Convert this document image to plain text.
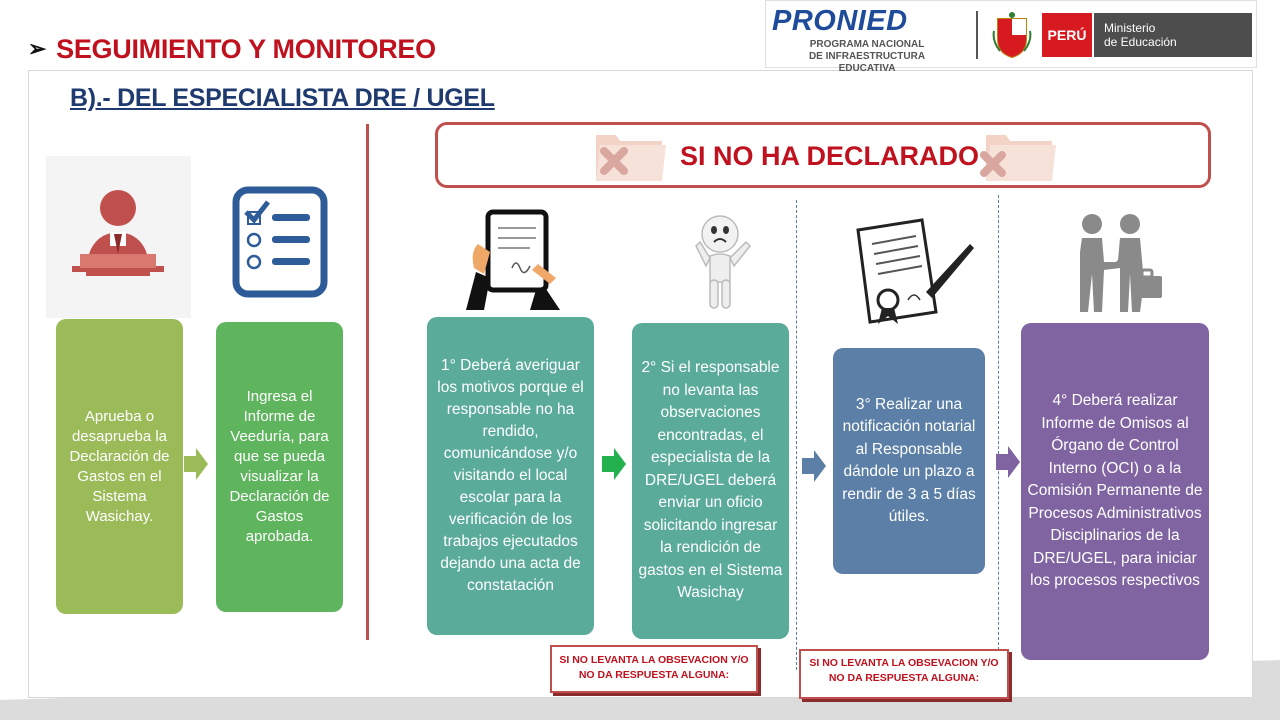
➢ SEGUIMIENTO Y MONITOREO
B).- DEL ESPECIALISTA DRE / UGEL
PRONIED
PROGRAMA NACIONAL
DE INFRAESTRUCTURA EDUCATIVA
PERÚ	Ministerio
de Educación
SI NO HA DECLARADO
Aprueba o desaprueba la Declaración de Gastos en el Sistema Wasichay.
Ingresa el Informe de Veeduría, para que se pueda visualizar la Declaración de Gastos aprobada.
1° Deberá averiguar los motivos porque el responsable no ha rendido, comunicándose y/o visitando el local escolar para la verificación de los trabajos ejecutados dejando una acta de constatación
2° Si el responsable no levanta las observaciones encontradas, el especialista de la DRE/UGEL deberá enviar un oficio solicitando ingresar la rendición de gastos en el Sistema Wasichay
3° Realizar una notificación notarial al Responsable dándole un plazo a rendir de 3 a 5 días útiles.
4° Deberá realizar Informe de Omisos al Órgano de Control Interno (OCI) o a la Comisión Permanente de Procesos Administrativos Disciplinarios de la DRE/UGEL, para iniciar los procesos respectivos
SI NO LEVANTA LA OBSEVACION Y/O NO DA RESPUESTA ALGUNA:
SI NO LEVANTA LA OBSEVACION Y/O NO DA RESPUESTA ALGUNA:
